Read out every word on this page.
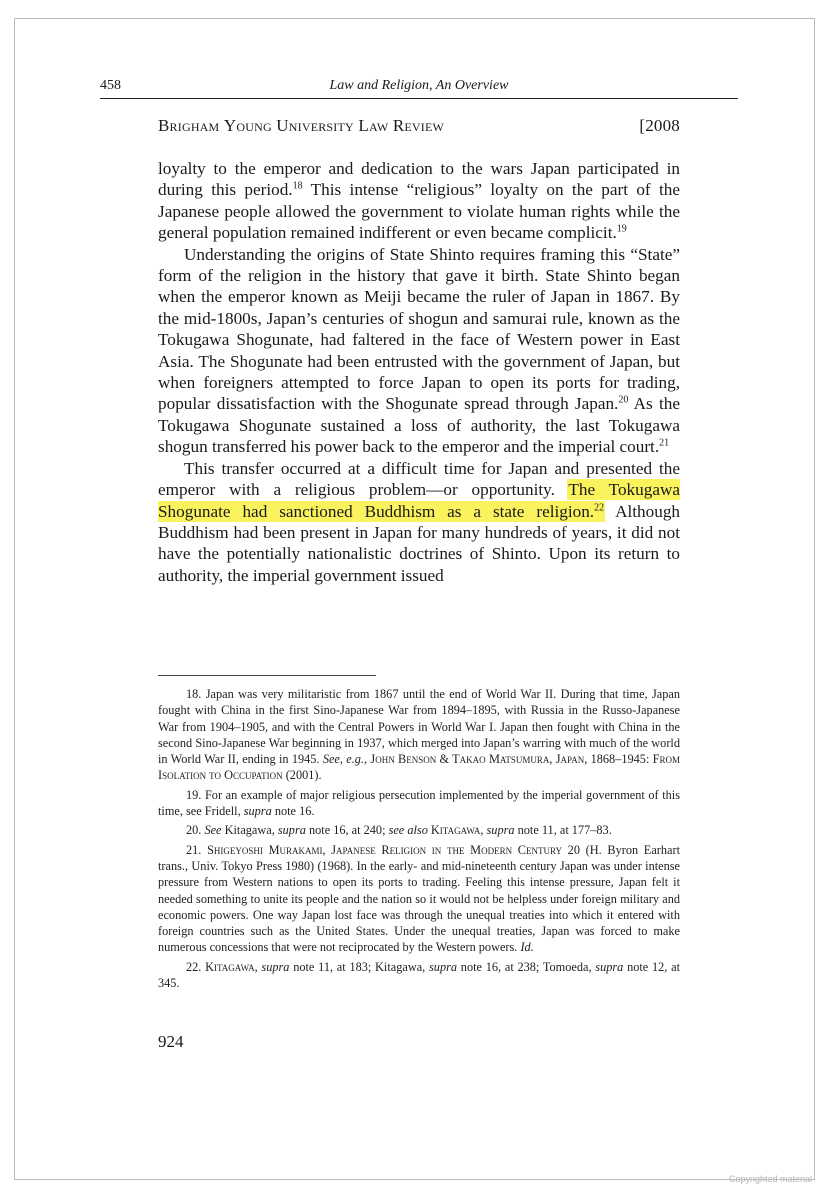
458	Law and Religion, An Overview
Brigham Young University Law Review	[2008

loyalty to the emperor and dedication to the wars Japan participated in during this period.$^{18}$ This intense “religious” loyalty on the part of the Japanese people allowed the government to violate human rights while the general population remained indifferent or even became complicit.$^{19}$

Understanding the origins of State Shinto requires framing this “State” form of the religion in the history that gave it birth. State Shinto began when the emperor known as Meiji became the ruler of Japan in 1867. By the mid-1800s, Japan’s centuries of shogun and samurai rule, known as the Tokugawa Shogunate, had faltered in the face of Western power in East Asia. The Shogunate had been entrusted with the government of Japan, but when foreigners attempted to force Japan to open its ports for trading, popular dissatisfaction with the Shogunate spread through Japan.$^{20}$ As the Tokugawa Shogunate sustained a loss of authority, the last Tokugawa shogun transferred his power back to the emperor and the imperial court.$^{21}$

This transfer occurred at a difficult time for Japan and presented the emperor with a religious problem—or opportunity. The Tokugawa Shogunate had sanctioned Buddhism as a state religion.$^{22}$ Although Buddhism had been present in Japan for many hundreds of years, it did not have the potentially nationalistic doctrines of Shinto. Upon its return to authority, the imperial government issued

18. Japan was very militaristic from 1867 until the end of World War II. During that time, Japan fought with China in the first Sino-Japanese War from 1894–1895, with Russia in the Russo-Japanese War from 1904–1905, and with the Central Powers in World War I. Japan then fought with China in the second Sino-Japanese War beginning in 1937, which merged into Japan’s warring with much of the world in World War II, ending in 1945. See, e.g., John Benson & Takao Matsumura, Japan, 1868–1945: From Isolation to Occupation (2001).

19. For an example of major religious persecution implemented by the imperial government of this time, see Fridell, supra note 16.

20. See Kitagawa, supra note 16, at 240; see also Kitagawa, supra note 11, at 177–83.

21. Shigeyoshi Murakami, Japanese Religion in the Modern Century 20 (H. Byron Earhart trans., Univ. Tokyo Press 1980) (1968). In the early- and mid-nineteenth century Japan was under intense pressure from Western nations to open its ports to trading. Feeling this intense pressure, Japan felt it needed something to unite its people and the nation so it would not be helpless under foreign military and economic powers. One way Japan lost face was through the unequal treaties into which it entered with foreign countries such as the United States. Under the unequal treaties, Japan was forced to make numerous concessions that were not reciprocated by the Western powers. Id.

22. Kitagawa, supra note 11, at 183; Kitagawa, supra note 16, at 238; Tomoeda, supra note 12, at 345.

924
Copyrighted material
